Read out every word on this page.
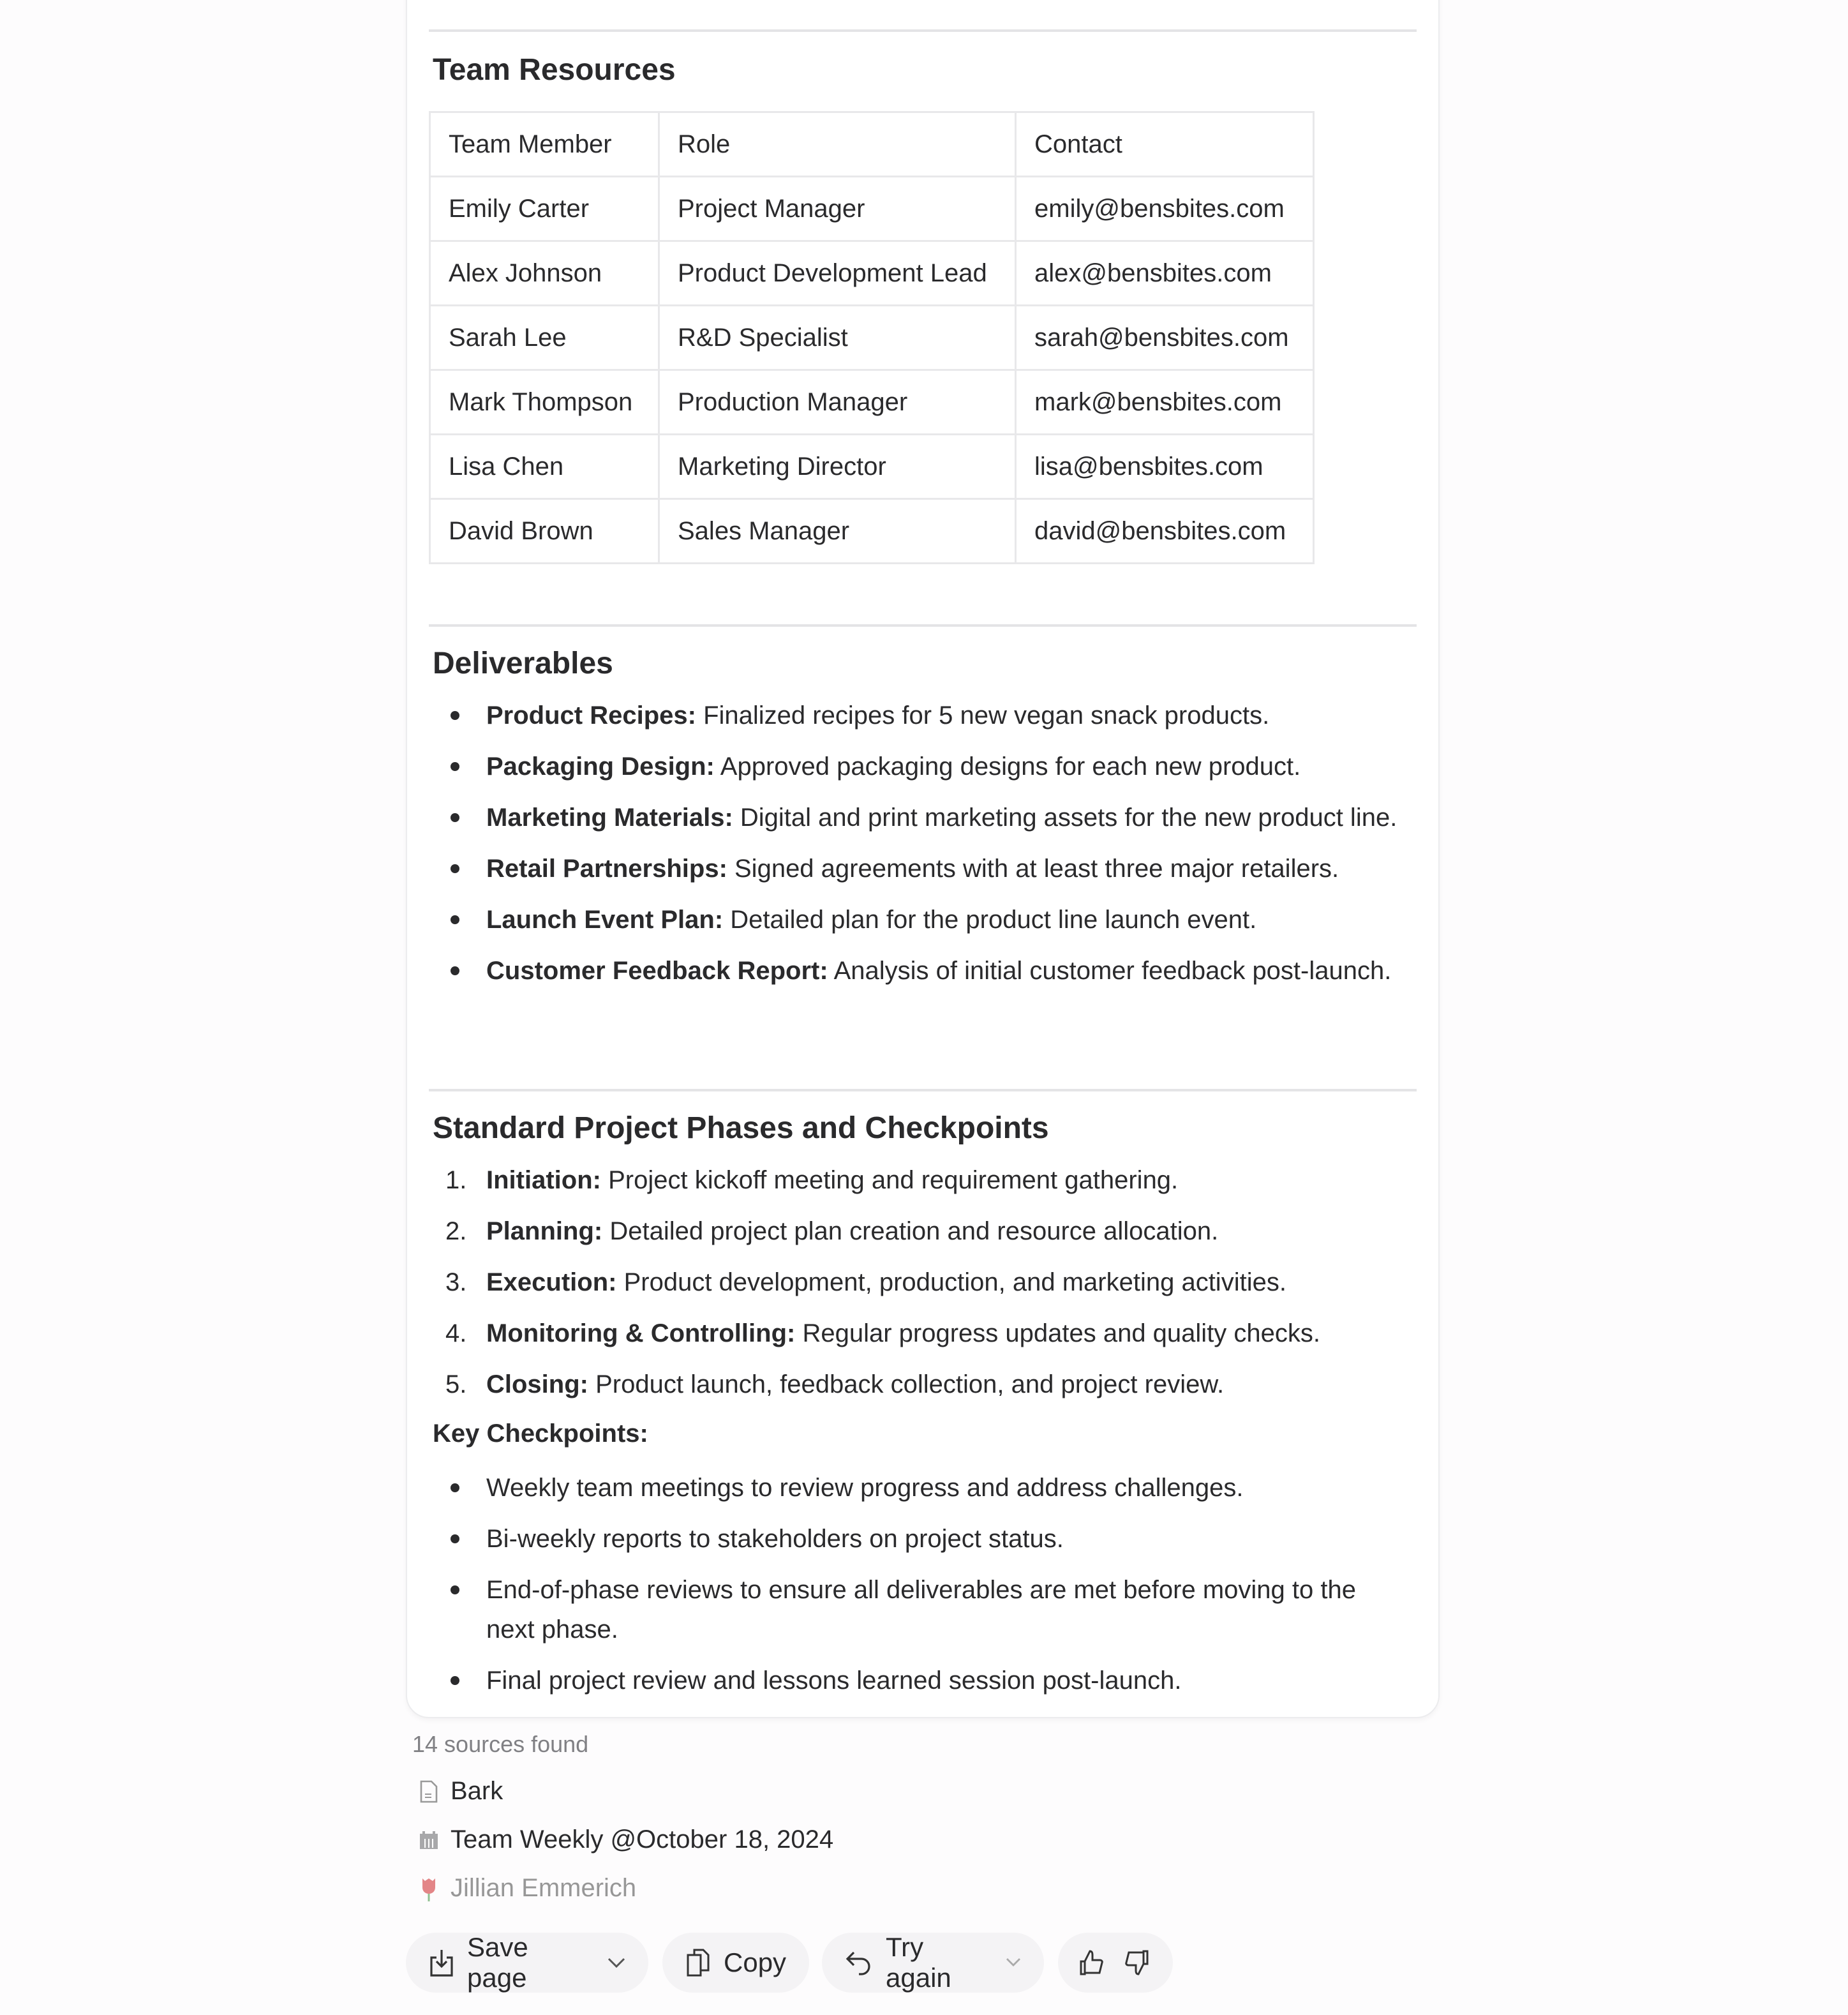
Team Resources
Team Member	Role	Contact
Emily Carter	Project Manager	emily@bensbites.com
Alex Johnson	Product Development Lead	alex@bensbites.com
Sarah Lee	R&D Specialist	sarah@bensbites.com
Mark Thompson	Production Manager	mark@bensbites.com
Lisa Chen	Marketing Director	lisa@bensbites.com
David Brown	Sales Manager	david@bensbites.com
Deliverables
Product Recipes: Finalized recipes for 5 new vegan snack products.
Packaging Design: Approved packaging designs for each new product.
Marketing Materials: Digital and print marketing assets for the new product line.
Retail Partnerships: Signed agreements with at least three major retailers.
Launch Event Plan: Detailed plan for the product line launch event.
Customer Feedback Report: Analysis of initial customer feedback post-launch.
Standard Project Phases and Checkpoints
1. Initiation: Project kickoff meeting and requirement gathering.
2. Planning: Detailed project plan creation and resource allocation.
3. Execution: Product development, production, and marketing activities.
4. Monitoring & Controlling: Regular progress updates and quality checks.
5. Closing: Product launch, feedback collection, and project review.
Key Checkpoints:
Weekly team meetings to review progress and address challenges.
Bi-weekly reports to stakeholders on project status.
End-of-phase reviews to ensure all deliverables are met before moving to the next phase.
Final project review and lessons learned session post-launch.
14 sources found
Bark
Team Weekly @October 18, 2024
Jillian Emmerich
Save page
Copy
Try again
